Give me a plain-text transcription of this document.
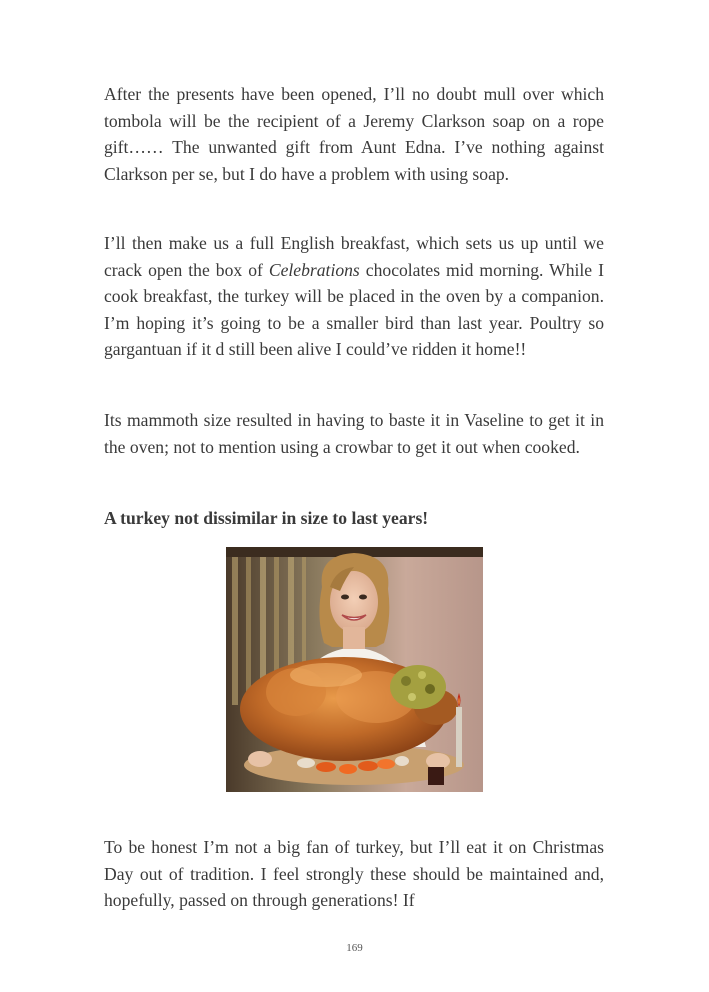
After the presents have been opened, I’ll no doubt mull over which tombola will be the recipient of a Jeremy Clarkson soap on a rope gift…… The unwanted gift from Aunt Edna. I’ve nothing against Clarkson per se, but I do have a problem with using soap.

I’ll then make us a full English breakfast, which sets us up until we crack open the box of Celebrations chocolates mid morning. While I cook breakfast, the turkey will be placed in the oven by a companion. I’m hoping it’s going to be a smaller bird than last year. Poultry so gargantuan if it d still been alive I could’ve ridden it home!!

Its mammoth size resulted in having to baste it in Vaseline to get it in the oven; not to mention using a crowbar to get it out when cooked.

A turkey not dissimilar in size to last years!

To be honest I’m not a big fan of turkey, but I’ll eat it on Christmas Day out of tradition. I feel strongly these should be maintained and, hopefully, passed on through generations! If

169
